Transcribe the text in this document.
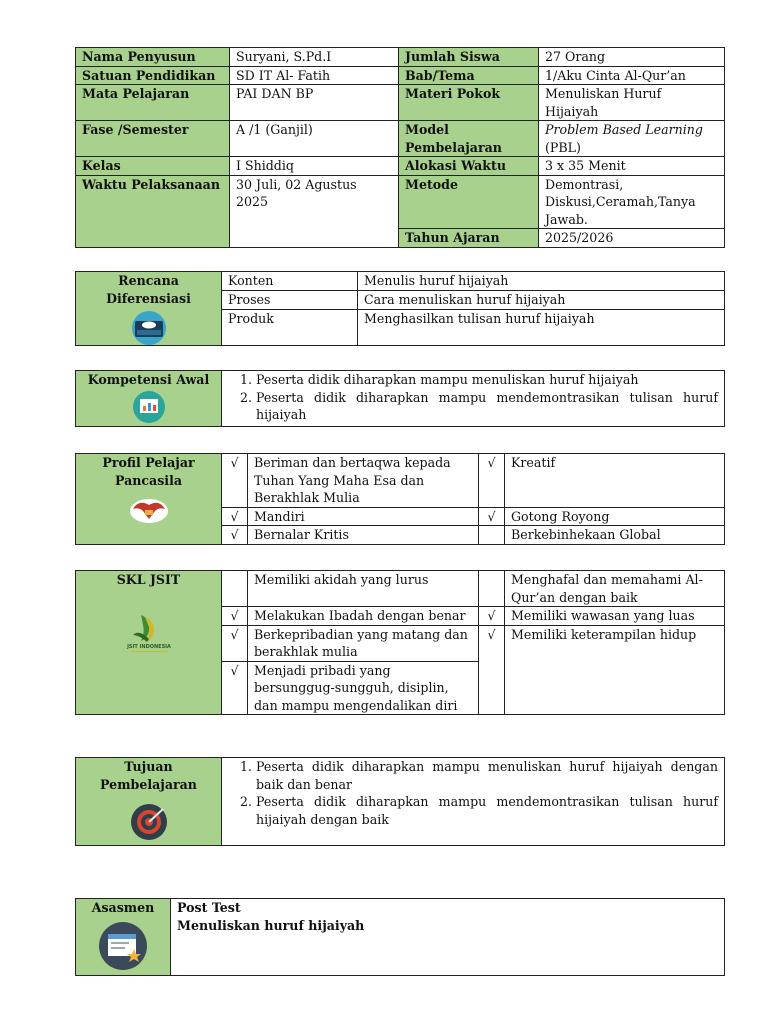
Nama Penyusun	Suryani, S.Pd.I	Jumlah Siswa	27 Orang
Satuan Pendidikan	SD IT Al- Fatih	Bab/Tema	1/Aku Cinta Al-Qur’an
Mata Pelajaran	PAI DAN BP	Materi Pokok	Menuliskan Huruf Hijaiyah
Fase /Semester	A /1 (Ganjil)	Model Pembelajaran	Problem Based Learning
(PBL)
Kelas	I Shiddiq	Alokasi Waktu	3 x 35 Menit
Waktu Pelaksanaan	30 Juli, 02 Agustus 2025	Metode	Demontrasi, Diskusi,Ceramah,Tanya Jawab.
		Tahun Ajaran	2025/2026
Rencana Diferensiasi	Konten	Menulis huruf hijaiyah
	Proses	Cara menuliskan huruf hijaiyah
	Produk	Menghasilkan tulisan huruf hijaiyah
Kompetensi Awal

1.Peserta didik diharapkan mampu menuliskan huruf hijaiyah
2. Peserta didik diharapkan mampu mendemontrasikan tulisan huruf hijaiyah
Profil Pelajar Pancasila	√	Beriman dan bertaqwa kepada Tuhan Yang Maha Esa dan Berakhlak Mulia	√	Kreatif
	√	Mandiri	√	Gotong Royong
	√	Bernalar Kritis		Berkebinhekaan Global
SKL JSIT
JSIT INDONESIA		Memiliki akidah yang lurus		Menghafal dan memahami Al-Qur’an dengan baik
	√	Melakukan Ibadah dengan benar	√	Memiliki wawasan yang luas
	√	Berkepribadian yang matang dan berakhlak mulia	√	Memiliki keterampilan hidup
	√	Menjadi pribadi yang bersunggug-sungguh, disiplin, dan mampu mengendalikan diri		
Tujuan Pembelajaran

1. Peserta didik diharapkan mampu menuliskan huruf hijaiyah dengan baik dan benar
2. Peserta didik diharapkan mampu mendemontrasikan tulisan huruf hijaiyah dengan baik
Asasmen	Post Test
Menuliskan huruf hijaiyah
